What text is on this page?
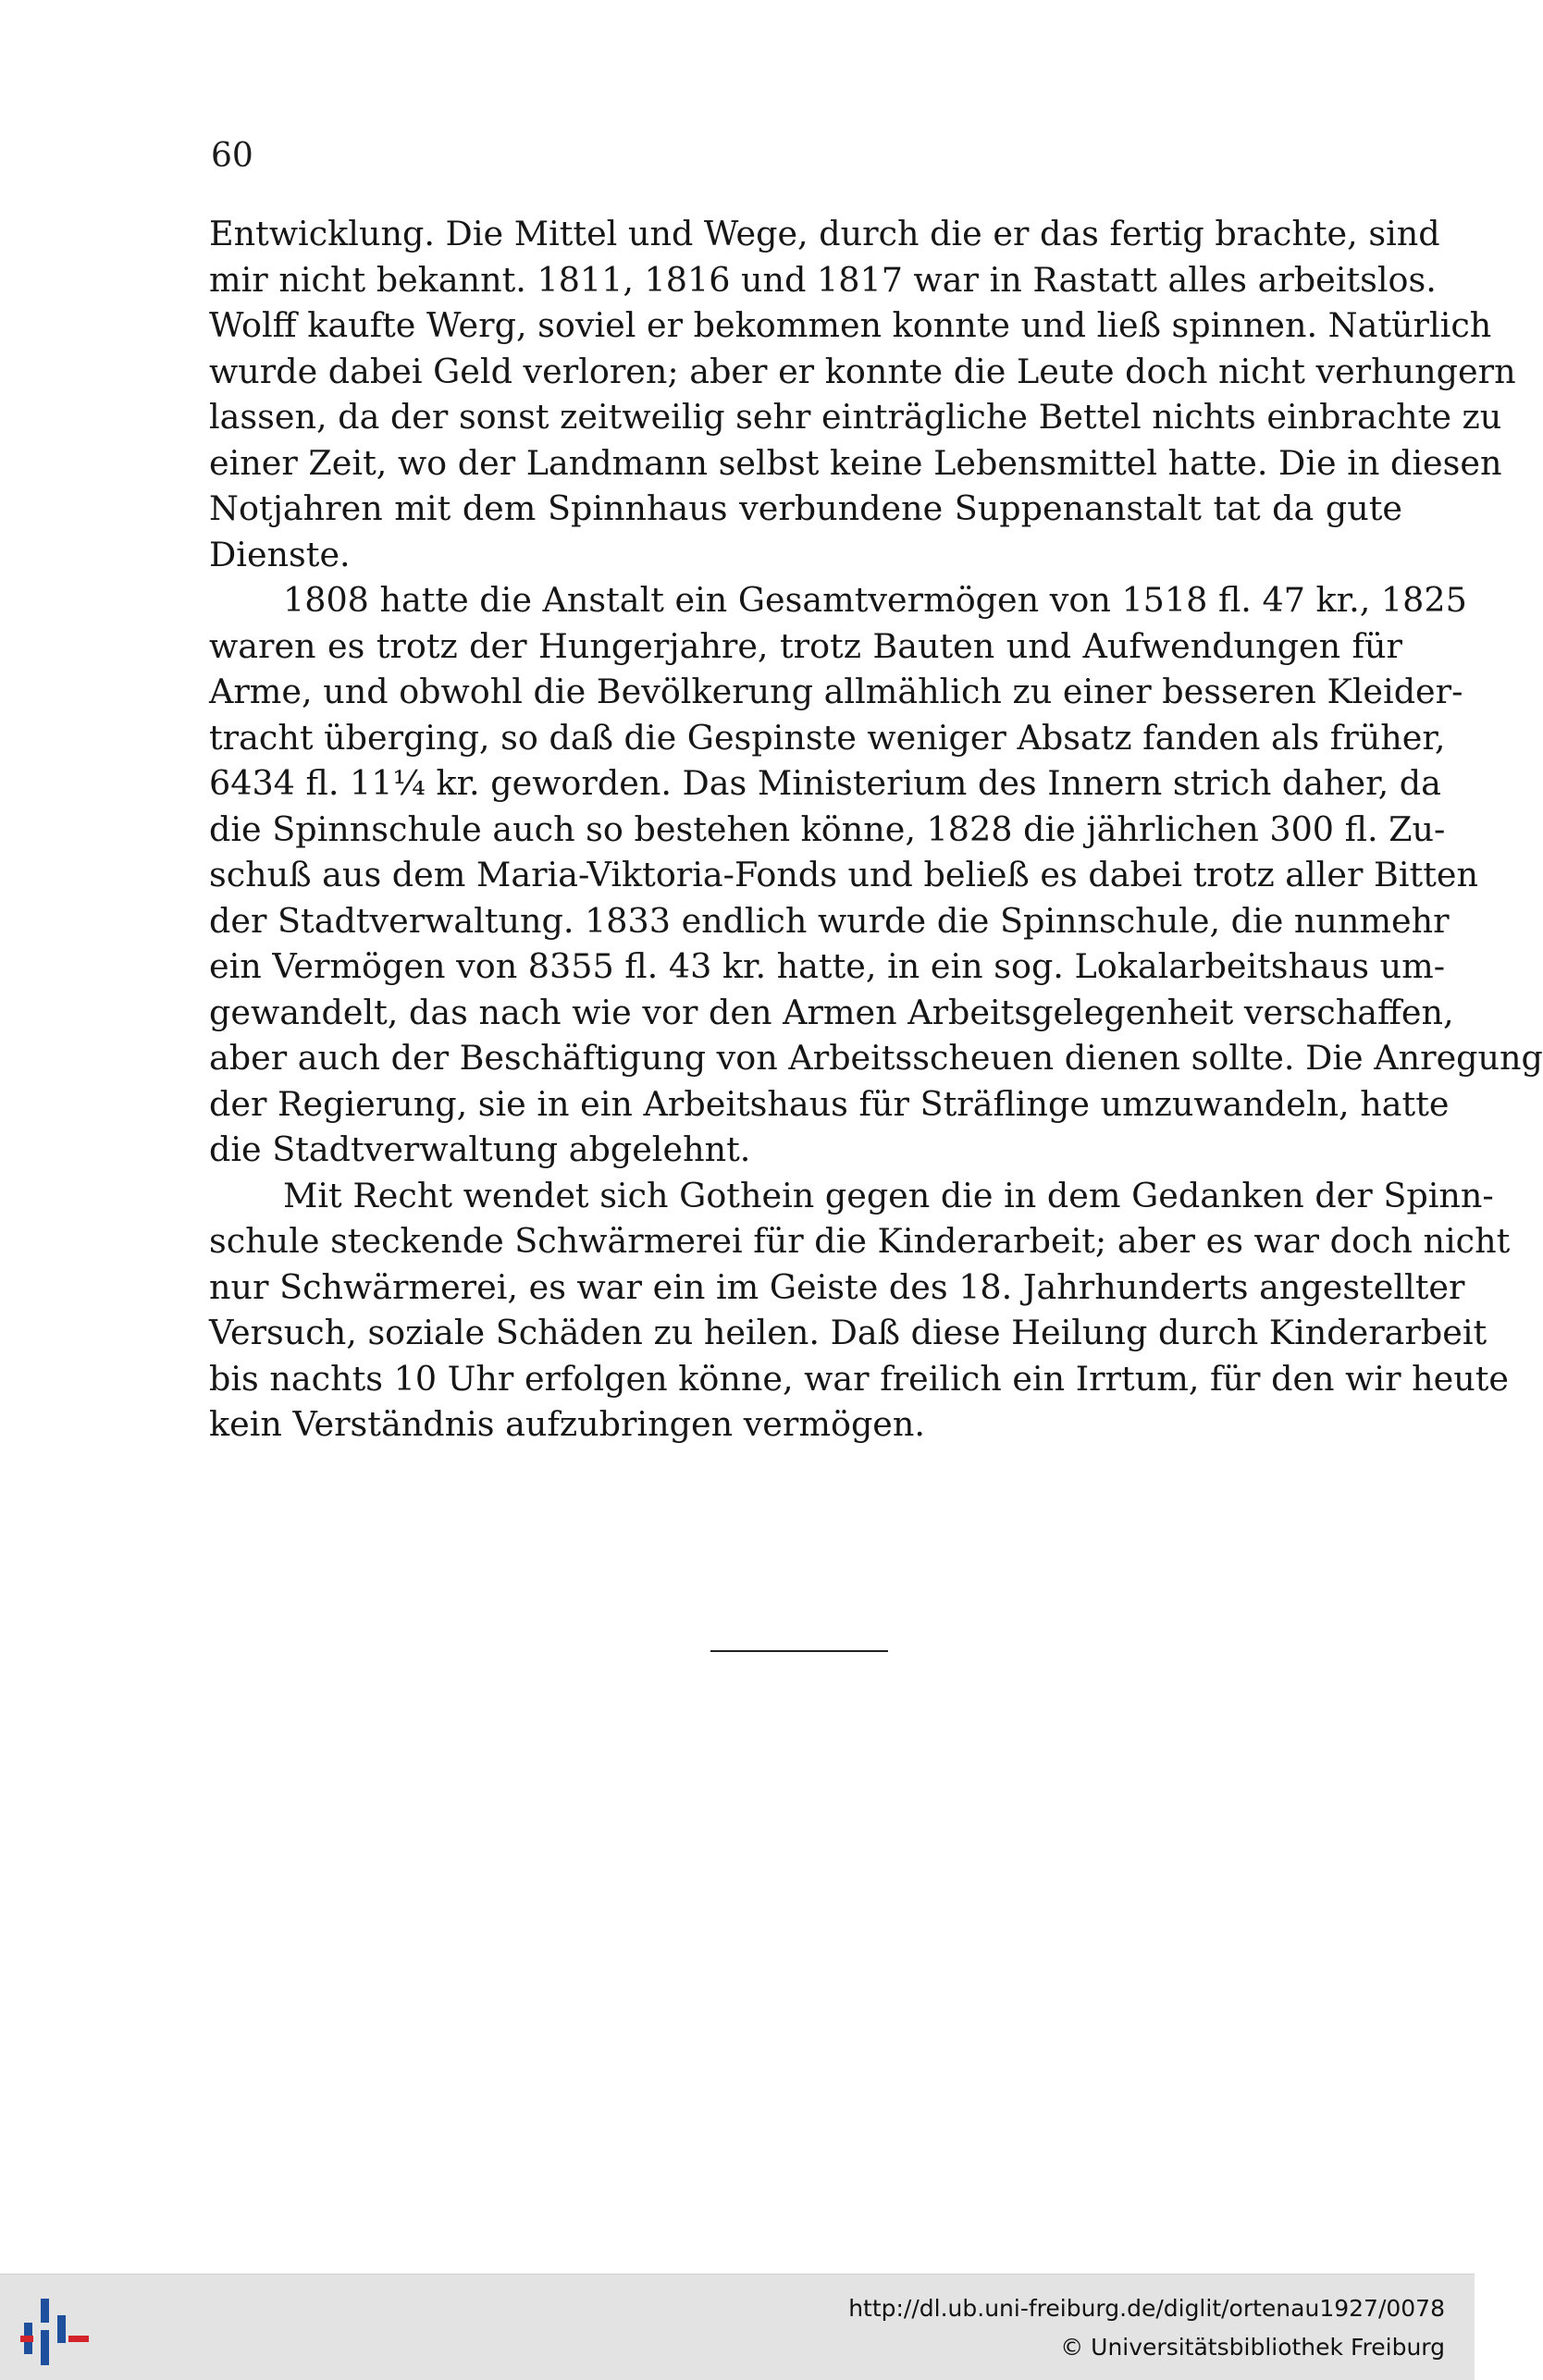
60
Entwicklung. Die Mittel und Wege, durch die er das fertig brachte, sind
mir nicht bekannt. 1811, 1816 und 1817 war in Rastatt alles arbeitslos.
Wolff kaufte Werg, soviel er bekommen konnte und ließ spinnen. Natürlich
wurde dabei Geld verloren; aber er konnte die Leute doch nicht verhungern
lassen, da der sonst zeitweilig sehr einträgliche Bettel nichts einbrachte zu
einer Zeit, wo der Landmann selbst keine Lebensmittel hatte. Die in diesen
Notjahren mit dem Spinnhaus verbundene Suppenanstalt tat da gute
Dienste.
1808 hatte die Anstalt ein Gesamtvermögen von 1518 fl. 47 kr., 1825
waren es trotz der Hungerjahre, trotz Bauten und Aufwendungen für
Arme, und obwohl die Bevölkerung allmählich zu einer besseren Kleider-
tracht überging, so daß die Gespinste weniger Absatz fanden als früher,
6434 fl. 11¼ kr. geworden. Das Ministerium des Innern strich daher, da
die Spinnschule auch so bestehen könne, 1828 die jährlichen 300 fl. Zu-
schuß aus dem Maria-Viktoria-Fonds und beließ es dabei trotz aller Bitten
der Stadtverwaltung. 1833 endlich wurde die Spinnschule, die nunmehr
ein Vermögen von 8355 fl. 43 kr. hatte, in ein sog. Lokalarbeitshaus um-
gewandelt, das nach wie vor den Armen Arbeitsgelegenheit verschaffen,
aber auch der Beschäftigung von Arbeitsscheuen dienen sollte. Die Anregung
der Regierung, sie in ein Arbeitshaus für Sträflinge umzuwandeln, hatte
die Stadtverwaltung abgelehnt.
Mit Recht wendet sich Gothein gegen die in dem Gedanken der Spinn-
schule steckende Schwärmerei für die Kinderarbeit; aber es war doch nicht
nur Schwärmerei, es war ein im Geiste des 18. Jahrhunderts angestellter
Versuch, soziale Schäden zu heilen. Daß diese Heilung durch Kinderarbeit
bis nachts 10 Uhr erfolgen könne, war freilich ein Irrtum, für den wir heute
kein Verständnis aufzubringen vermögen.
http://dl.ub.uni-freiburg.de/diglit/ortenau1927/0078
© Universitätsbibliothek Freiburg
